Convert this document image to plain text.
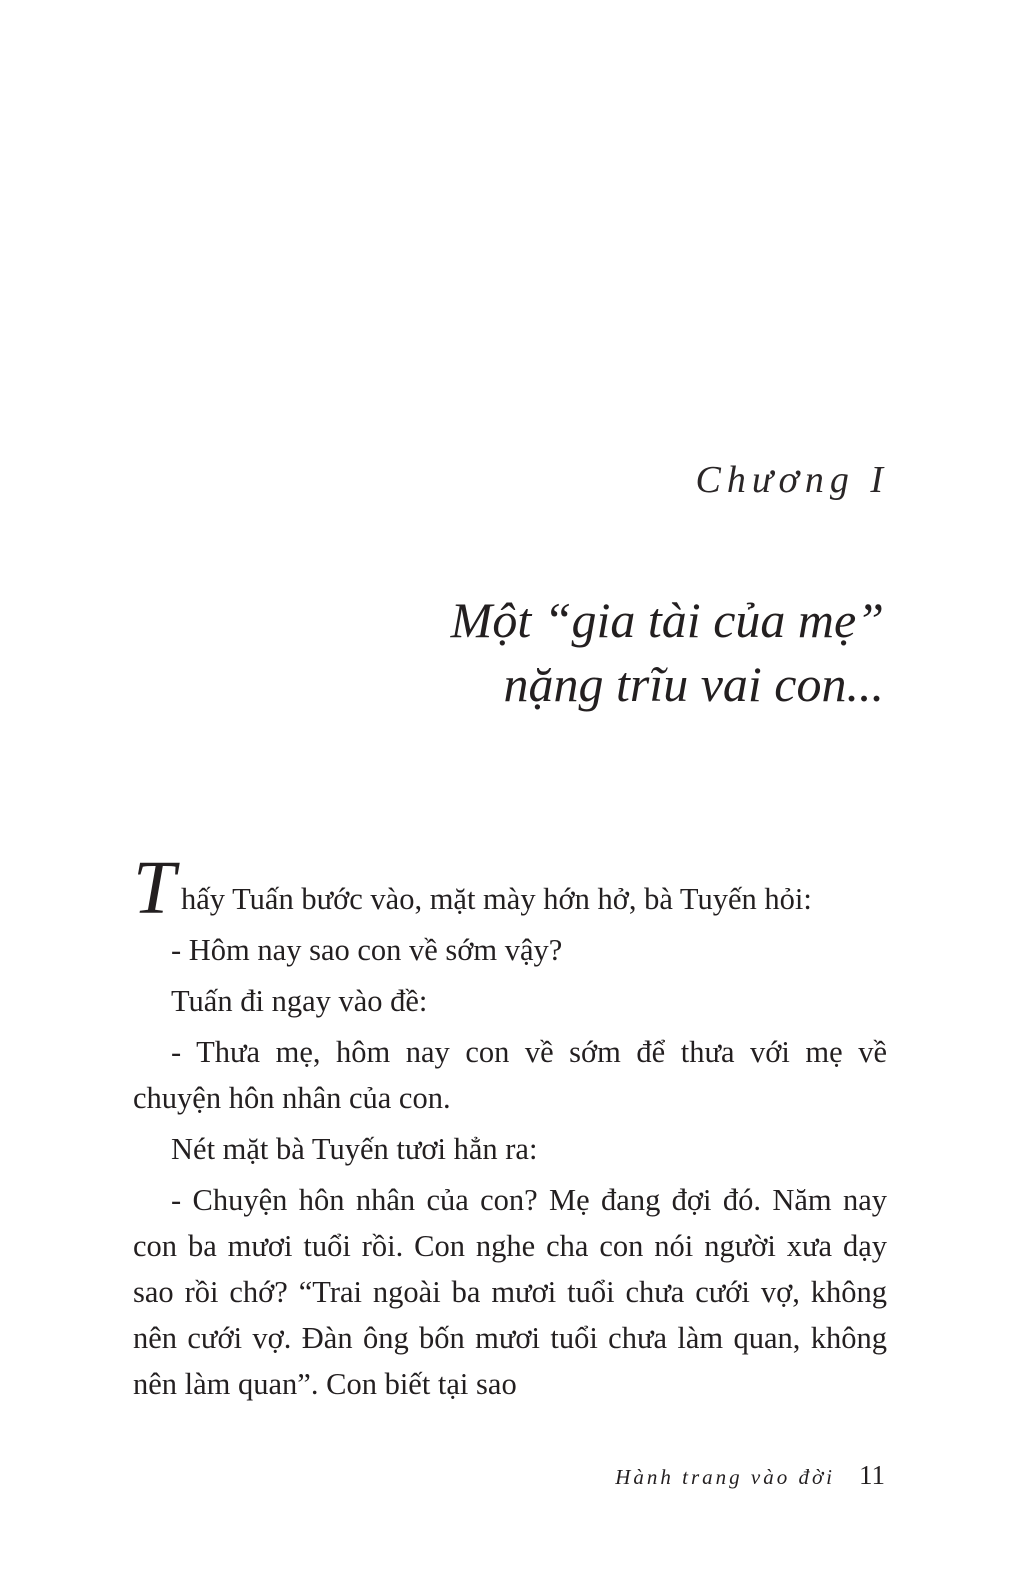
Chương I
Một “gia tài của mẹ”
nặng trĩu vai con...

T hấy Tuấn bước vào, mặt mày hớn hở, bà Tuyến hỏi:

- Hôm nay sao con về sớm vậy?

Tuấn đi ngay vào đề:

- Thưa mẹ, hôm nay con về sớm để thưa với mẹ về chuyện hôn nhân của con.

Nét mặt bà Tuyến tươi hẳn ra:

- Chuyện hôn nhân của con? Mẹ đang đợi đó. Năm nay con ba mươi tuổi rồi. Con nghe cha con nói người xưa dạy sao rồi chớ? “Trai ngoài ba mươi tuổi chưa cưới vợ, không nên cưới vợ. Đàn ông bốn mươi tuổi chưa làm quan, không nên làm quan”. Con biết tại sao

Hành trang vào đời 11
